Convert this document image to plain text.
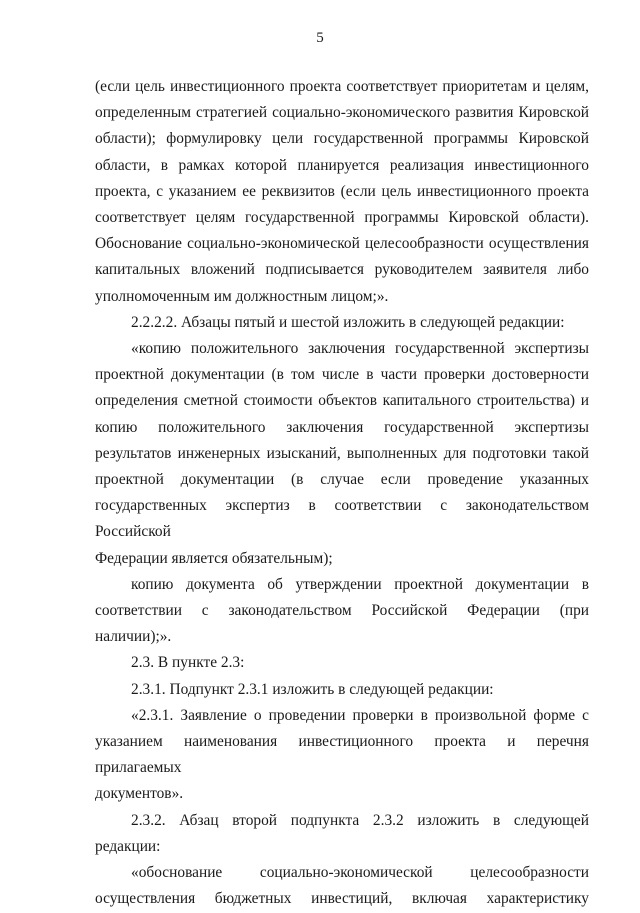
5

(если цель инвестиционного проекта соответствует приоритетам и целям,

определенным стратегией социально-экономического развития Кировской

области); формулировку цели государственной программы Кировской

области, в рамках которой планируется реализация инвестиционного

проекта, с указанием ее реквизитов (если цель инвестиционного проекта

соответствует целям государственной программы Кировской области).

Обоснование социально-экономической целесообразности осуществления

капитальных вложений подписывается руководителем заявителя либо

уполномоченным им должностным лицом;».

2.2.2.2. Абзацы пятый и шестой изложить в следующей редакции:

«копию положительного заключения государственной экспертизы

проектной документации (в том числе в части проверки достоверности

определения сметной стоимости объектов капитального строительства) и

копию положительного заключения государственной экспертизы

результатов инженерных изысканий, выполненных для подготовки такой

проектной документации (в случае если проведение указанных

государственных экспертиз в соответствии с законодательством Российской

Федерации является обязательным);

копию документа об утверждении проектной документации в

соответствии с законодательством Российской Федерации (при наличии);».

2.3. В пункте 2.3:

2.3.1. Подпункт 2.3.1 изложить в следующей редакции:

«2.3.1. Заявление о проведении проверки в произвольной форме с

указанием наименования инвестиционного проекта и перечня прилагаемых

документов».

2.3.2. Абзац второй подпункта 2.3.2 изложить в следующей редакции:

«обоснование социально-экономической целесообразности

осуществления бюджетных инвестиций, включая характеристику
